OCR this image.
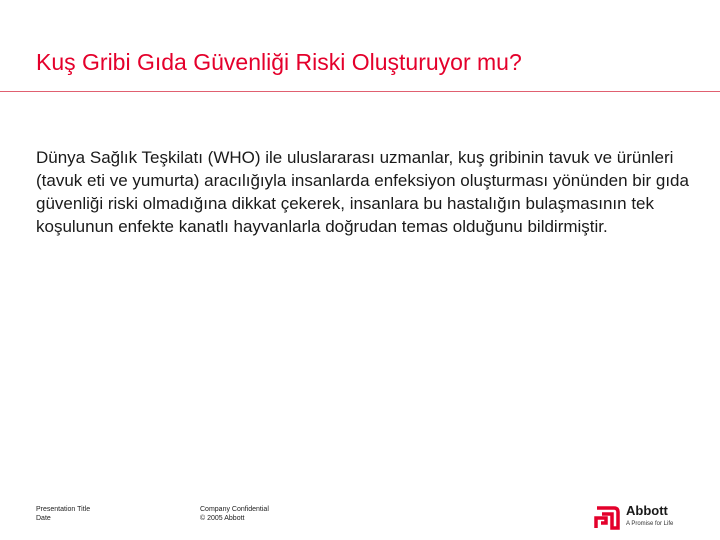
Kuş Gribi Gıda Güvenliği Riski Oluşturuyor mu?

Dünya Sağlık Teşkilatı (WHO) ile uluslararası uzmanlar, kuş gribinin tavuk ve ürünleri (tavuk eti ve yumurta) aracılığıyla insanlarda enfeksiyon oluşturması yönünden bir gıda güvenliği riski olmadığına dikkat çekerek, insanlara bu hastalığın bulaşmasının tek koşulunun enfekte kanatlı hayvanlarla doğrudan temas olduğunu bildirmiştir.

Presentation Title
Date
Company Confidential
© 2005 Abbott
Abbott
A Promise for Life
